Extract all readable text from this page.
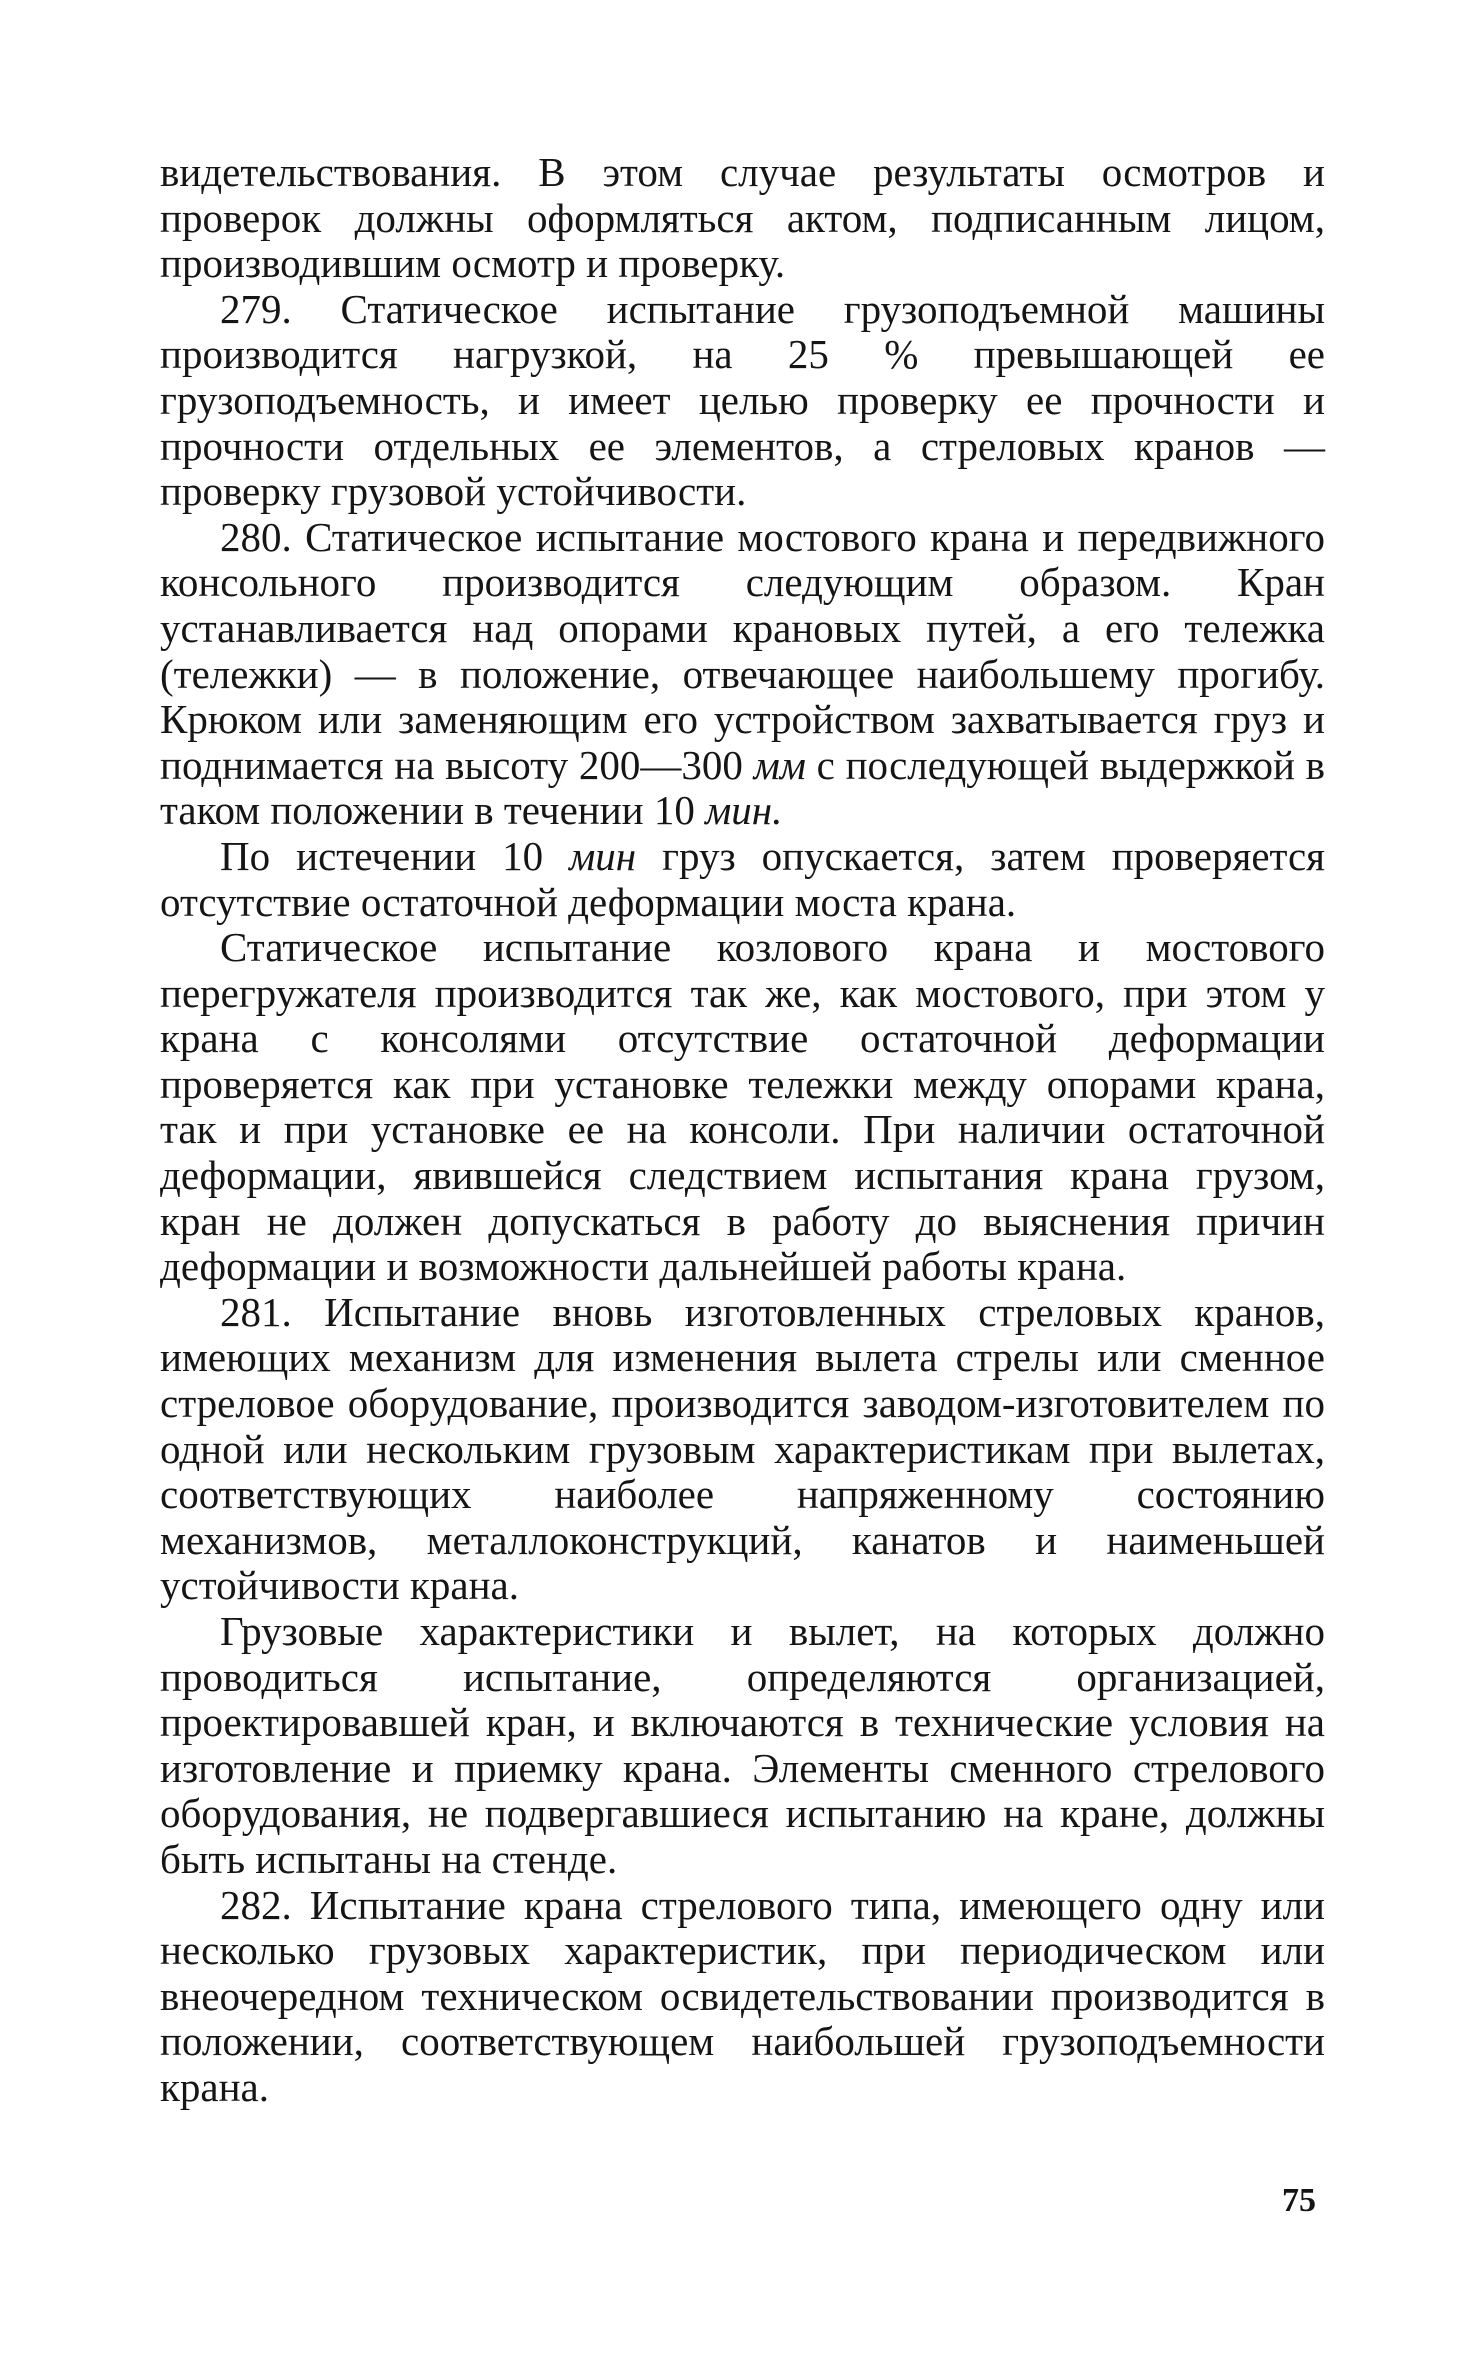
видетельствования. В этом случае результаты осмотров и проверок должны оформляться актом, подписанным лицом, производившим осмотр и проверку.

279. Статическое испытание грузоподъемной машины производится нагрузкой, на 25 % превышающей ее грузоподъемность, и имеет целью проверку ее прочности и прочности отдельных ее элементов, а стреловых кранов — проверку грузовой устойчивости.

280. Статическое испытание мостового крана и передвижного консольного производится следующим образом. Кран устанавливается над опорами крановых путей, а его тележка (тележки) — в положение, отвечающее наибольшему прогибу. Крюком или заменяющим его устройством захватывается груз и поднимается на высоту 200—300 мм с последующей выдержкой в таком положении в течении 10 мин.

По истечении 10 мин груз опускается, затем проверяется отсутствие остаточной деформации моста крана.

Статическое испытание козлового крана и мостового перегружателя производится так же, как мостового, при этом у крана с консолями отсутствие остаточной деформации проверяется как при установке тележки между опорами крана, так и при установке ее на консоли. При наличии остаточной деформации, явившейся следствием испытания крана грузом, кран не должен допускаться в работу до выяснения причин деформации и возможности дальнейшей работы крана.

281. Испытание вновь изготовленных стреловых кранов, имеющих механизм для изменения вылета стрелы или сменное стреловое оборудование, производится заводом-изготовителем по одной или нескольким грузовым характеристикам при вылетах, соответствующих наиболее напряженному состоянию механизмов, металлоконструкций, канатов и наименьшей устойчивости крана.

Грузовые характеристики и вылет, на которых должно проводиться испытание, определяются организацией, проектировавшей кран, и включаются в технические условия на изготовление и приемку крана. Элементы сменного стрелового оборудования, не подвергавшиеся испытанию на кране, должны быть испытаны на стенде.

282. Испытание крана стрелового типа, имеющего одну или несколько грузовых характеристик, при периодическом или внеочередном техническом освидетельствовании производится в положении, соответствующем наибольшей грузоподъемности крана.

75
